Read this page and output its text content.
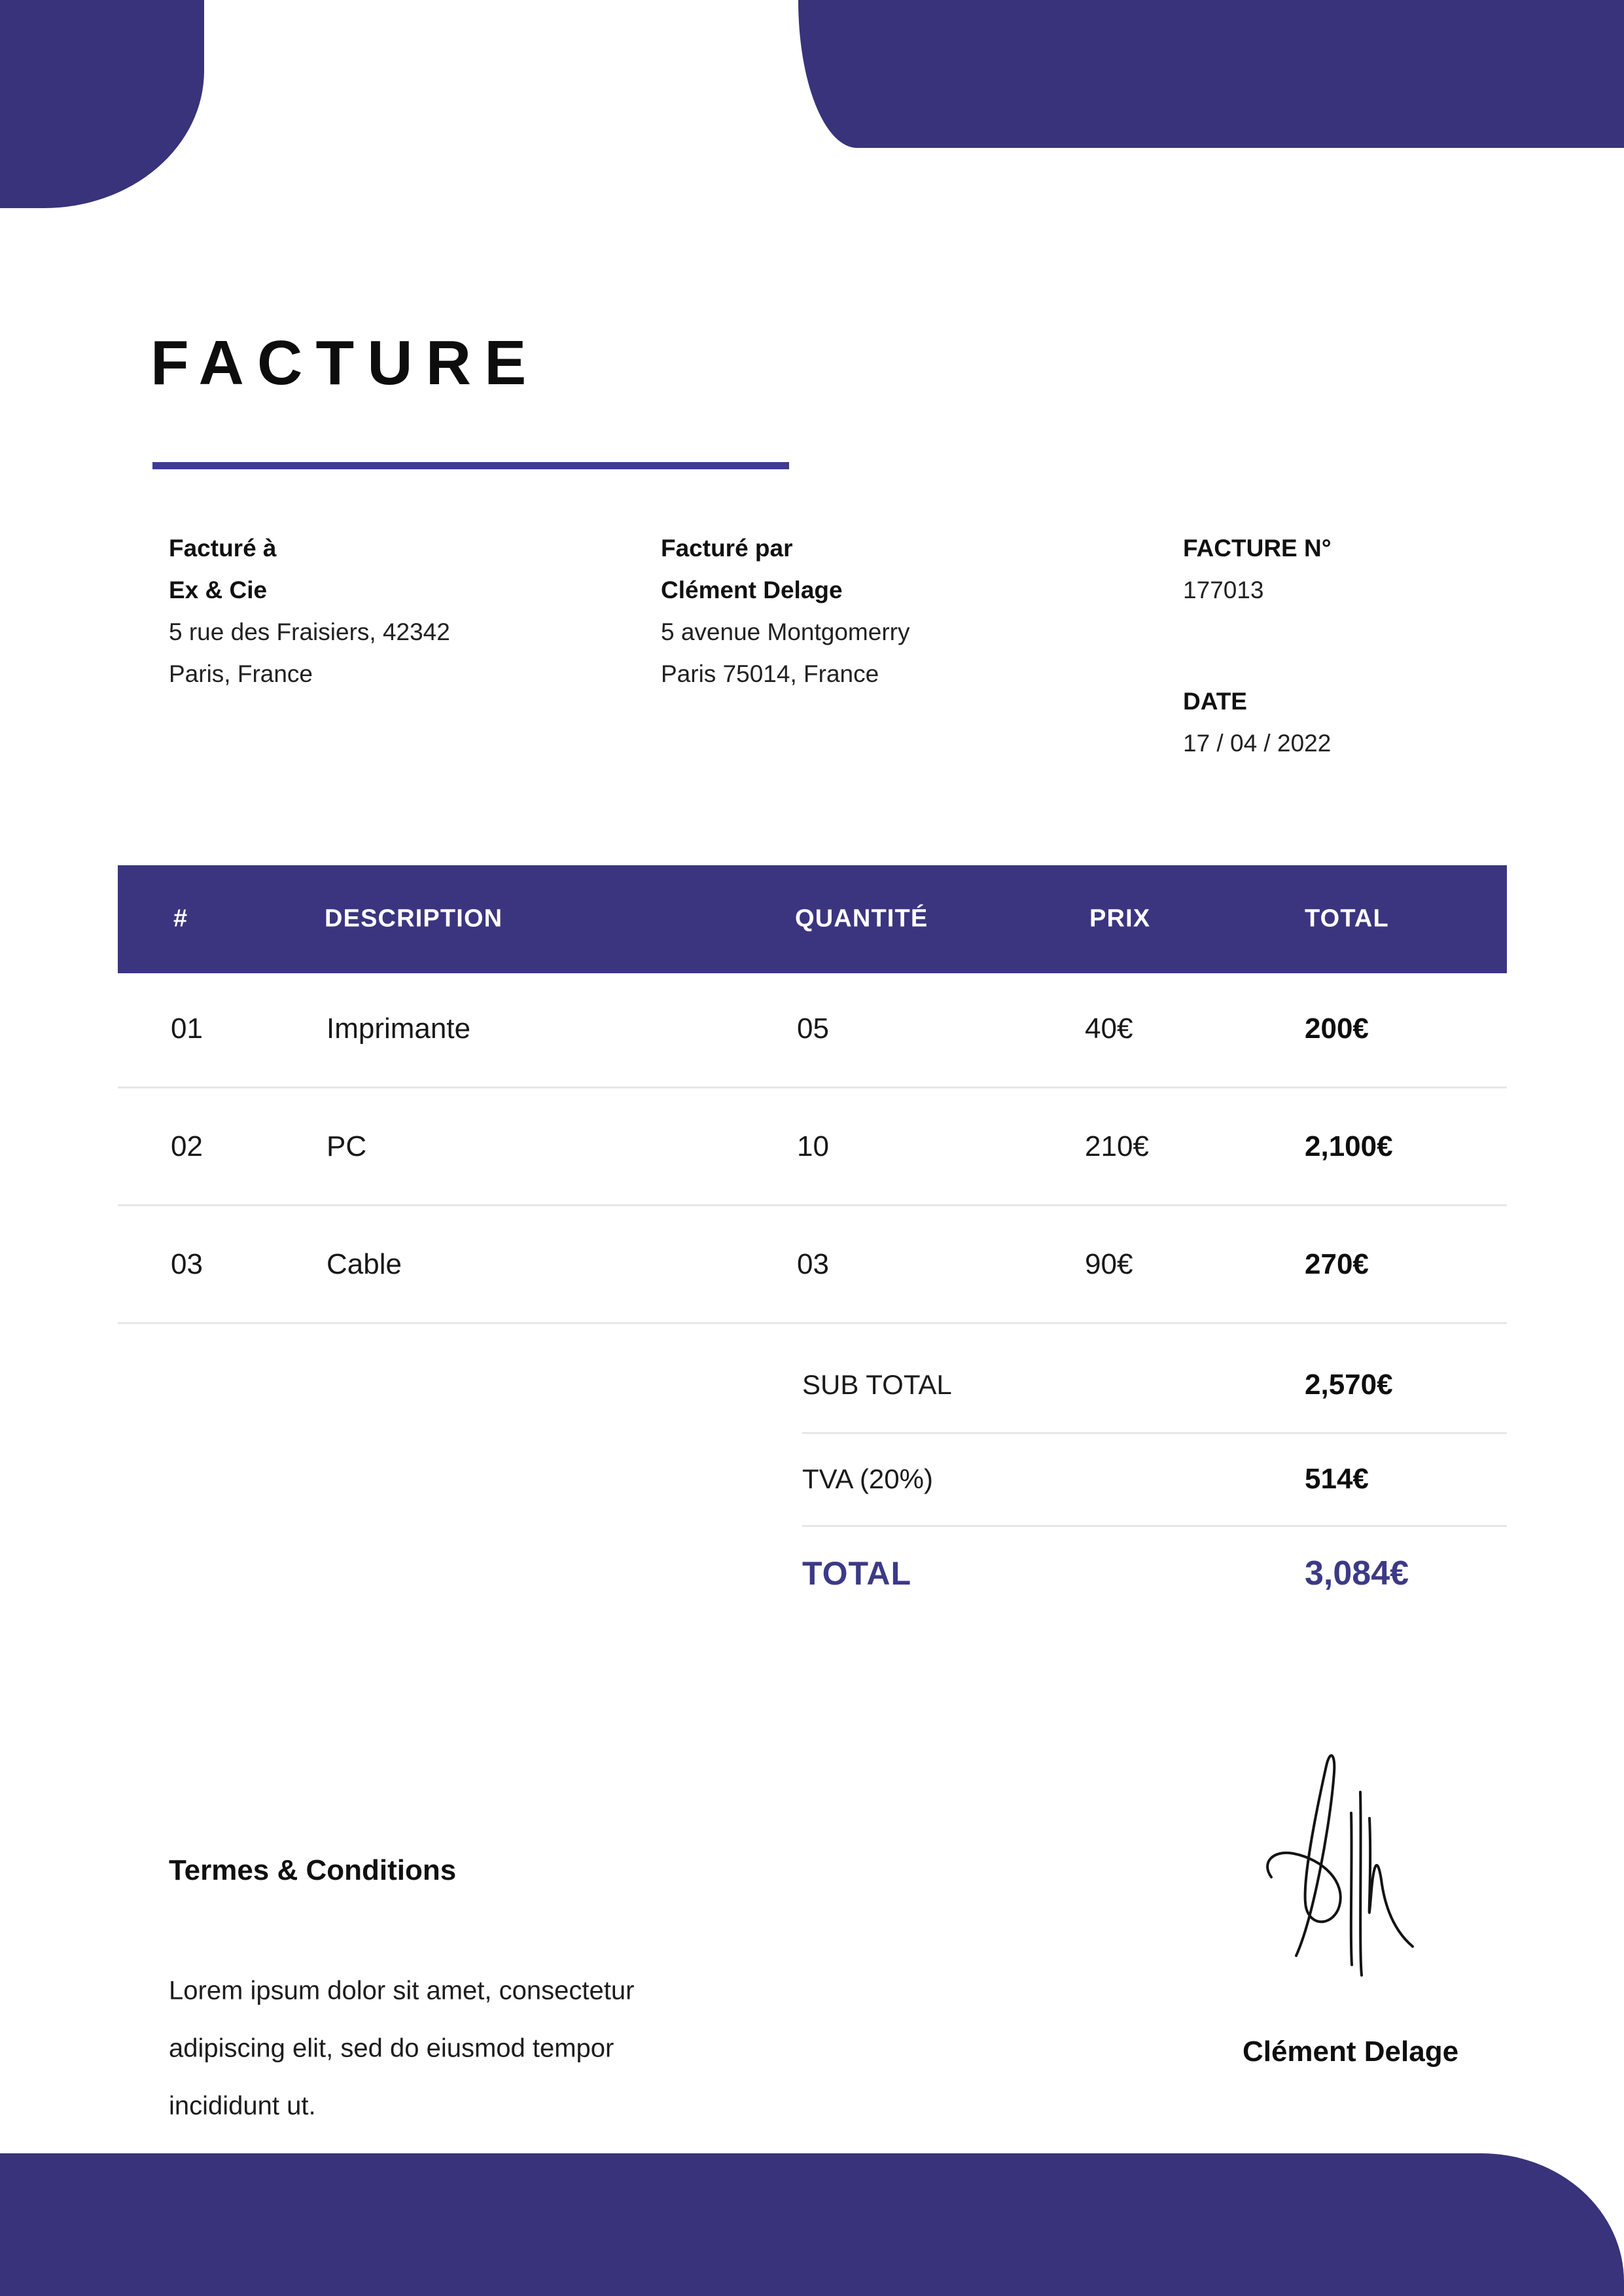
FACTURE
Facturé à
Ex & Cie
5 rue des Fraisiers, 42342
Paris, France
Facturé par
Clément Delage
5 avenue Montgomerry
Paris 75014, France
FACTURE N°
177013
DATE
17 / 04 / 2022
#	DESCRIPTION	QUANTITÉ	PRIX	TOTAL
01	Imprimante	05	40€	200€
02	PC	10	210€	2,100€
03	Cable	03	90€	270€
SUB TOTAL	2,570€
TVA (20%)	514€
TOTAL	3,084€
Termes & Conditions
Lorem ipsum dolor sit amet, consectetur
adipiscing elit, sed do eiusmod tempor
incididunt ut.
Clément Delage
